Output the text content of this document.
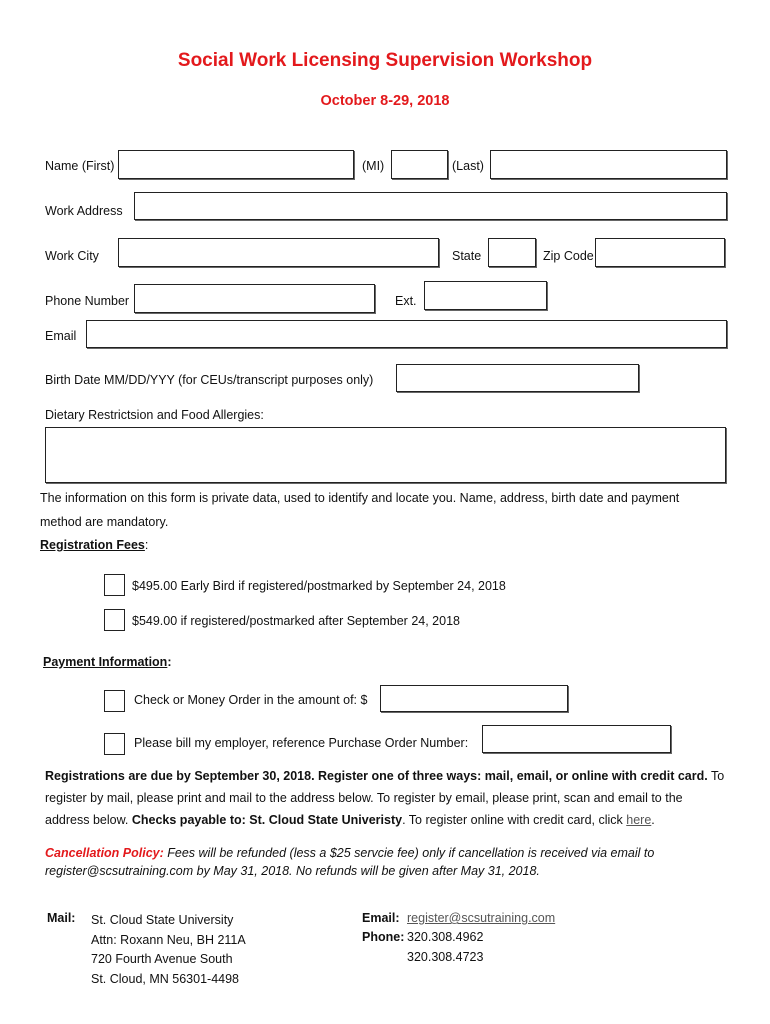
Social Work Licensing Supervision Workshop
October 8-29, 2018
Name (First)	(MI)	(Last)
Work Address
Work City	State	Zip Code
Phone Number	Ext.
Email
Birth Date MM/DD/YYY (for CEUs/transcript purposes only)
Dietary Restrictsion and Food Allergies:
The information on this form is private data, used to identify and locate you. Name, address, birth date and payment
method are mandatory.
Registration Fees:
$495.00 Early Bird if registered/postmarked by September 24, 2018
$549.00 if registered/postmarked after September 24, 2018
Payment Information:
Check or Money Order in the amount of: $
Please bill my employer, reference Purchase Order Number:
Registrations are due by September 30, 2018. Register one of three ways: mail, email, or online with credit card. To
register by mail, please print and mail to the address below. To register by email, please print, scan and email to the
address below. Checks payable to: St. Cloud State Univeristy. To register online with credit card, click here.
Cancellation Policy: Fees will be refunded (less a $25 servcie fee) only if cancellation is received via email to register@scsutraining.com by May 31, 2018. No refunds will be given after May 31, 2018.
Mail: St. Cloud State University
Attn: Roxann Neu, BH 211A
720 Fourth Avenue South
St. Cloud, MN 56301-4498
Email: register@scsutraining.com
Phone: 320.308.4962
320.308.4723
